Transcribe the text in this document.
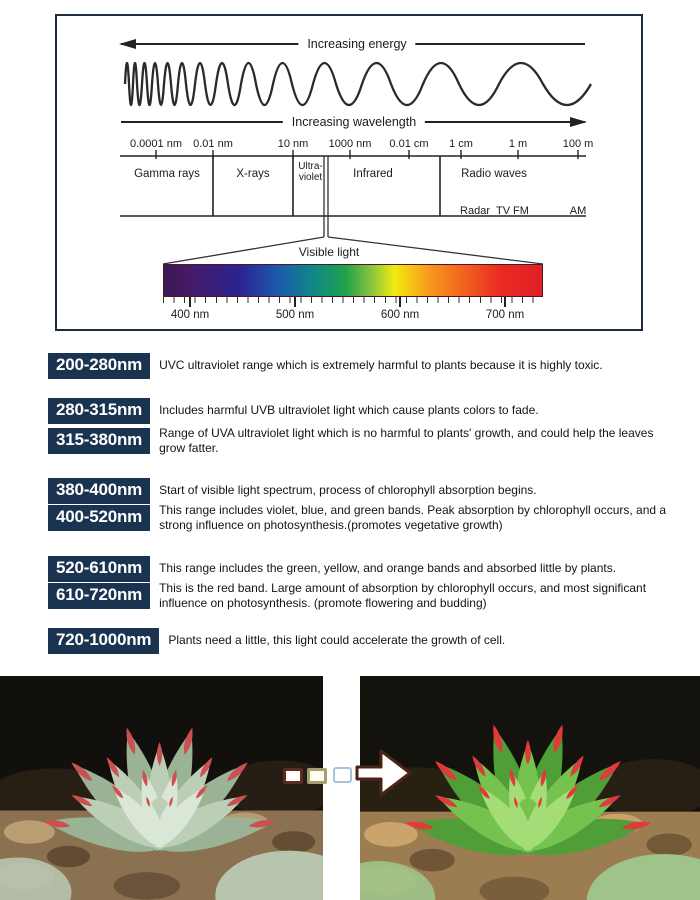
Increasing energy
Increasing wavelength
0.0001 nm 0.01 nm	10 nm 1000 nm 0.01 cm 1 cm	1 m	100 m
Gamma rays	X-rays
Ultra-
violet	Infrared	Radio waves
Radar TV FM	AM
Visible light
400 nm	500 nm	600 nm	700 nm
200-280nm	UVC ultraviolet range which is extremely harmful to plants because it is highly toxic.
280-315nm	Includes harmful UVB ultraviolet light which cause plants colors to fade.
315-380nm	Range of UVA ultraviolet light which is no harmful to plants' growth, and could help the leaves grow fatter.
380-400nm	Start of visible light spectrum, process of chlorophyll absorption begins.
400-520nm	This range includes violet, blue, and green bands. Peak absorption by chlorophyll occurs, and a strong influence on photosynthesis.(promotes vegetative growth)
520-610nm	This range includes the green, yellow, and orange bands and absorbed little by plants.
610-720nm	This is the red band. Large amount of absorption by chlorophyll occurs, and most significant influence on photosynthesis. (promote flowering and budding)
720-1000nm	Plants need a little, this light could accelerate the growth of cell.
